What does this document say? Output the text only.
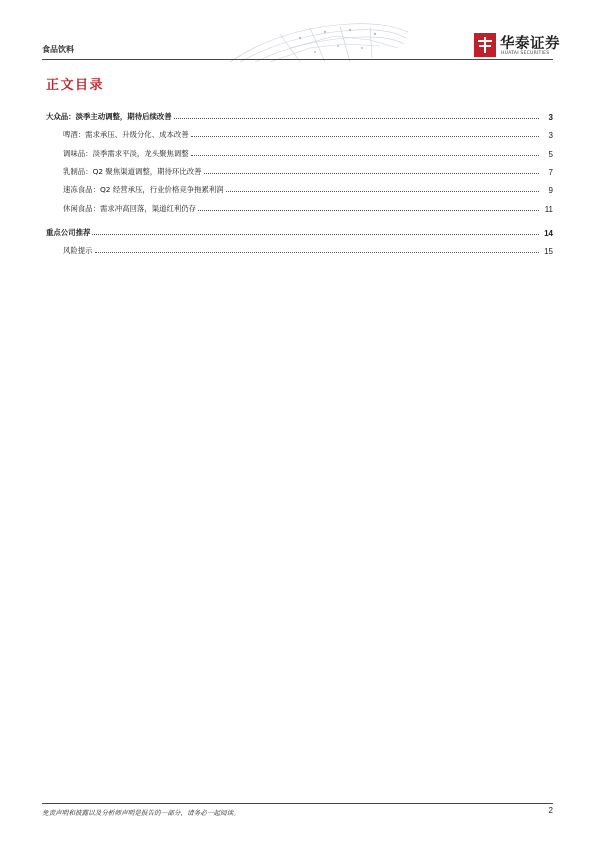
食品饮料	华泰证券
HUATAI SECURITIES
正文目录
大众品：淡季主动调整，期待后续改善	3
啤酒：需求承压、升级分化、成本改善	3
调味品：淡季需求平淡，龙头聚焦调整	5
乳制品：Q2 聚焦渠道调整，期待环比改善	7
速冻食品：Q2 经营承压，行业价格竞争拖累利润	9
休闲食品：需求冲高回落，渠道红利仍存	11
重点公司推荐	14
风险提示	15
免责声明和披露以及分析师声明是报告的一部分，请务必一起阅读。	2
